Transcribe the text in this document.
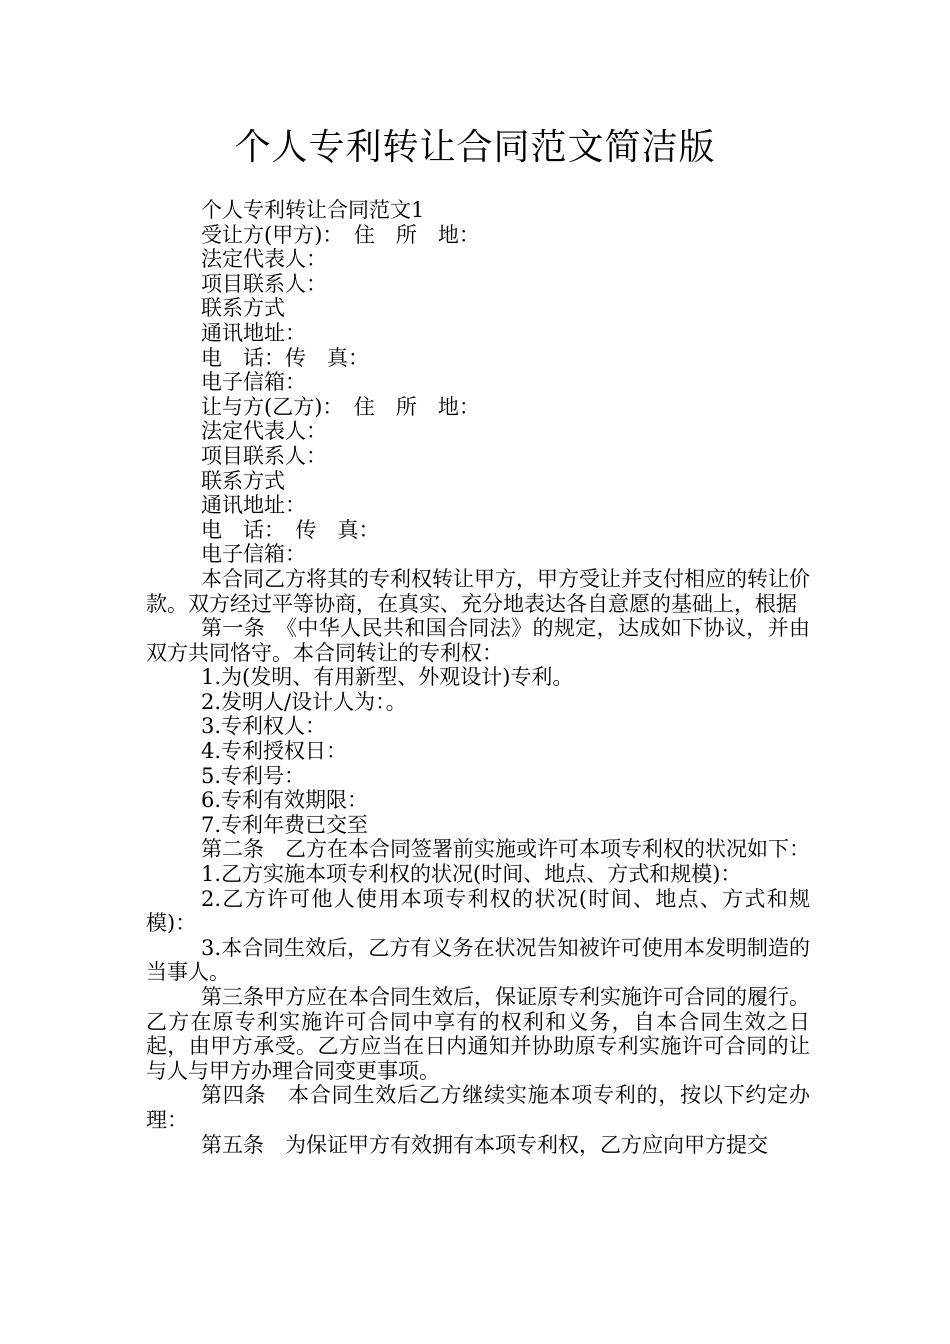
个人专利转让合同范文简洁版

个人专利转让合同范文1

受让方(甲方)：　住　所　地：

法定代表人：

项目联系人：

联系方式

通讯地址：

电　话：传　真：

电子信箱：

让与方(乙方)：　住　所　地：

法定代表人：

项目联系人：

联系方式

通讯地址：

电　话：　传　真：

电子信箱：

本合同乙方将其的专利权转让甲方，甲方受让并支付相应的转让价　款。双方经过平等协商，在真实、充分地表达各自意愿的基础上，根据

第一条　《中华人民共和国合同法》的规定，达成如下协议，并由双方共同恪守。本合同转让的专利权：

1.为(发明、有用新型、外观设计)专利。

2.发明人/设计人为：。

3.专利权人：

4.专利授权日：

5.专利号：

6.专利有效期限：

7.专利年费已交至

第二条　乙方在本合同签署前实施或许可本项专利权的状况如下：

1.乙方实施本项专利权的状况(时间、地点、方式和规模)：

2.乙方许可他人使用本项专利权的状况(时间、地点、方式和规模)：

3.本合同生效后，乙方有义务在状况告知被许可使用本发明制造的当事人。

第三条甲方应在本合同生效后，保证原专利实施许可合同的履行。乙方在原专利实施许可合同中享有的权利和义务，自本合同生效之日起，由甲方承受。乙方应当在日内通知并协助原专利实施许可合同的让与人与甲方办理合同变更事项。

第四条　本合同生效后乙方继续实施本项专利的，按以下约定办理：

第五条　为保证甲方有效拥有本项专利权，乙方应向甲方提交
